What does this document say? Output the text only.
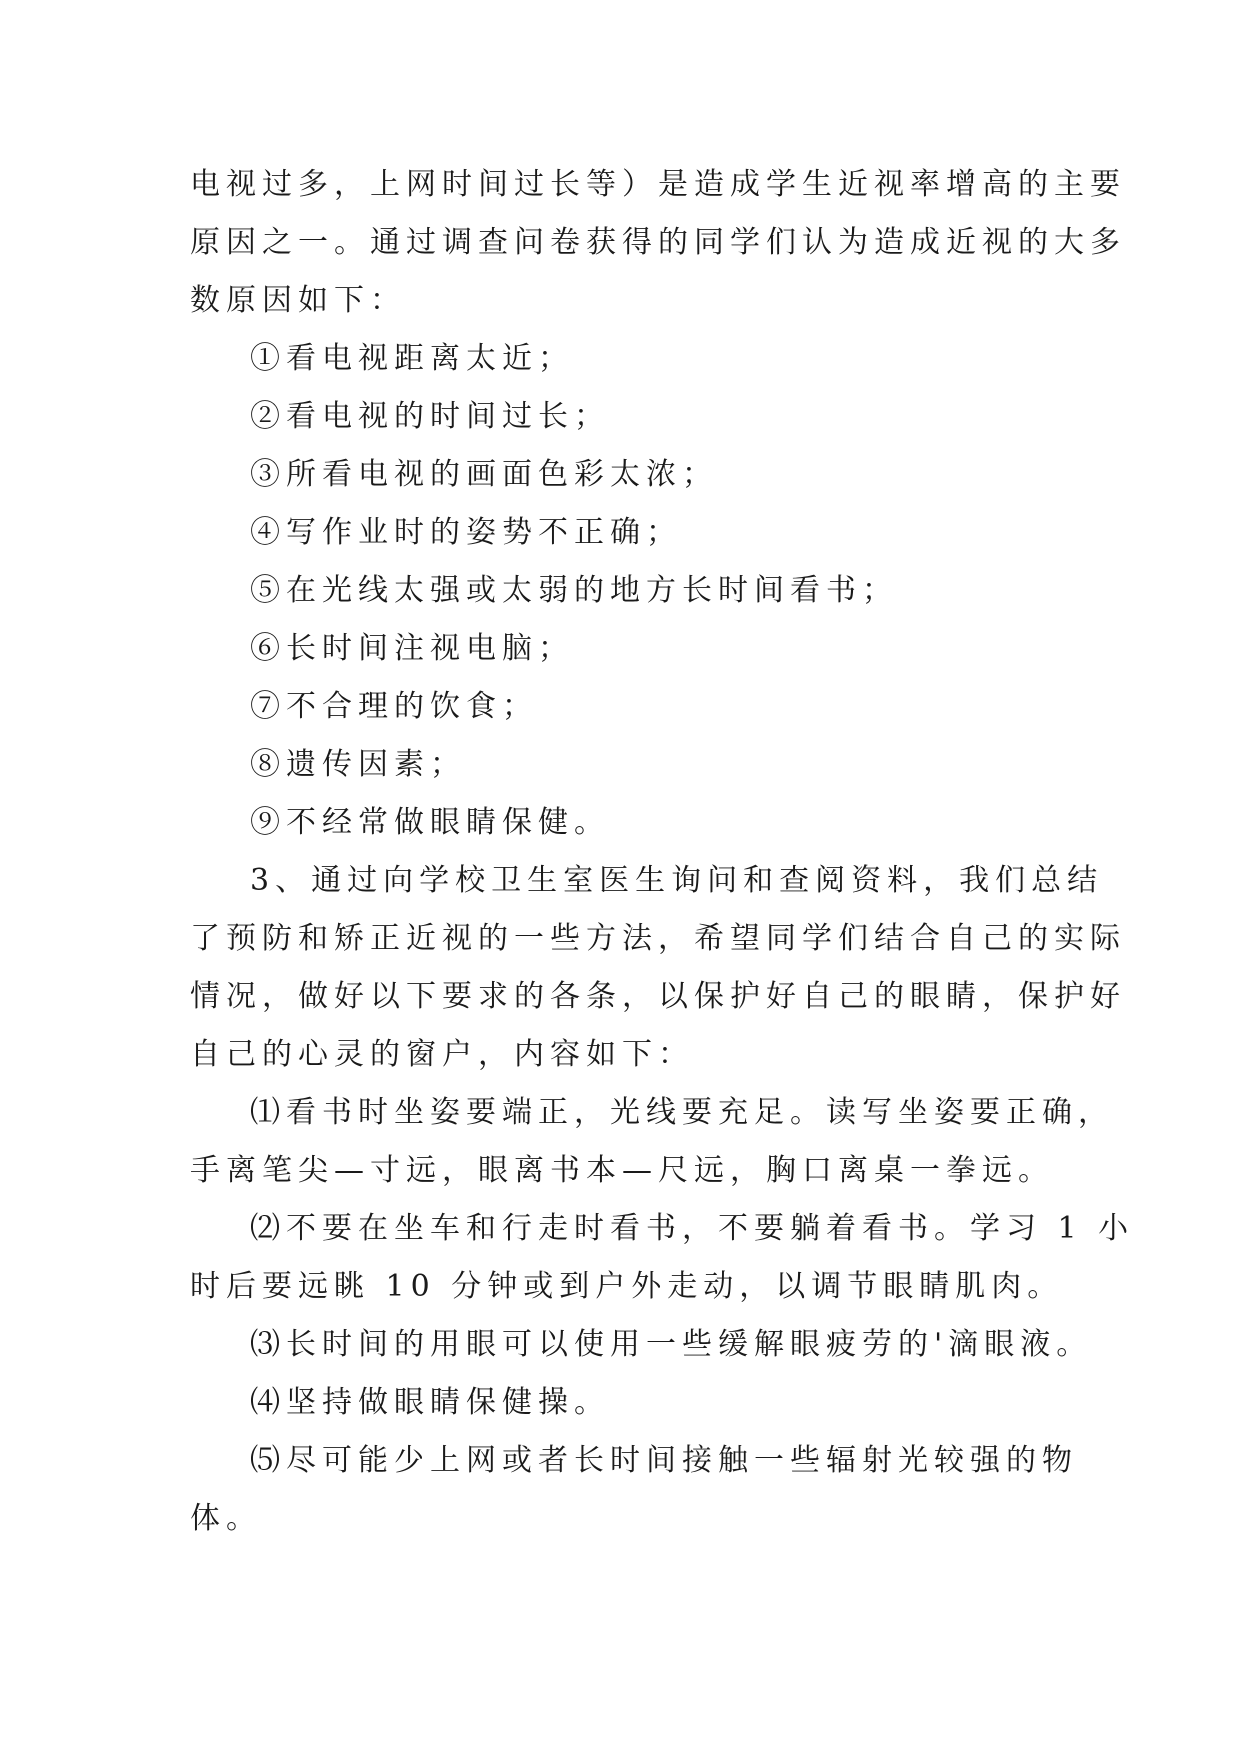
电视过多，上网时间过长等）是造成学生近视率增高的主要
原因之一。通过调查问卷获得的同学们认为造成近视的大多
数原因如下：
①看电视距离太近；
②看电视的时间过长；
③所看电视的画面色彩太浓；
④写作业时的姿势不正确；
⑤在光线太强或太弱的地方长时间看书；
⑥长时间注视电脑；
⑦不合理的饮食；
⑧遗传因素；
⑨不经常做眼睛保健。
3、通过向学校卫生室医生询问和查阅资料，我们总结
了预防和矫正近视的一些方法，希望同学们结合自己的实际
情况，做好以下要求的各条，以保护好自己的眼睛，保护好
自己的心灵的窗户，内容如下：
⑴看书时坐姿要端正，光线要充足。读写坐姿要正确，
手离笔尖—寸远，眼离书本—尺远，胸口离桌一拳远。
⑵不要在坐车和行走时看书，不要躺着看书。学习 1 小
时后要远眺 10 分钟或到户外走动，以调节眼睛肌肉。
⑶长时间的用眼可以使用一些缓解眼疲劳的'滴眼液。
⑷坚持做眼睛保健操。
⑸尽可能少上网或者长时间接触一些辐射光较强的物
体。
